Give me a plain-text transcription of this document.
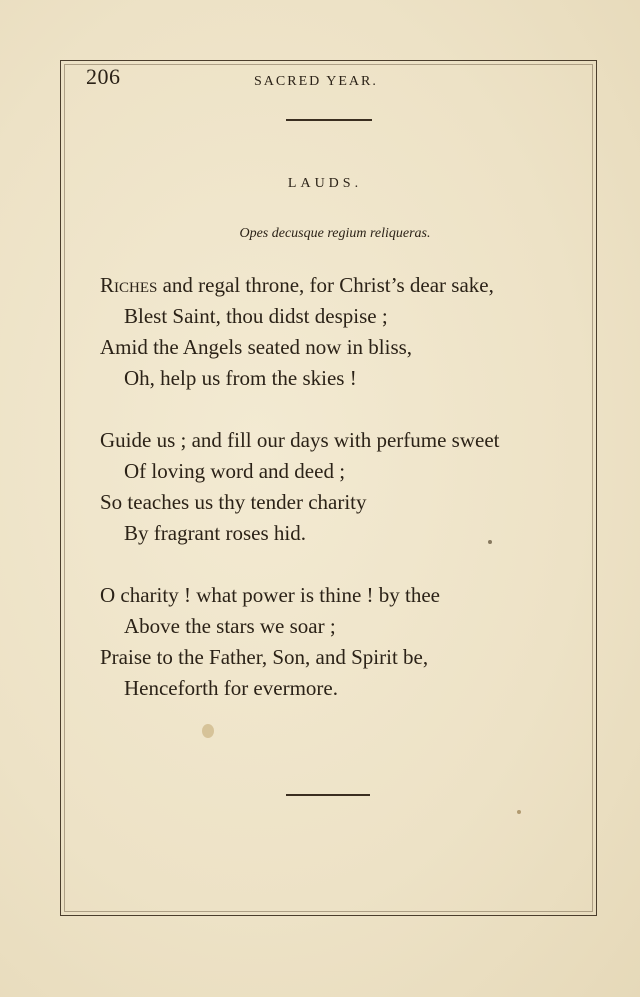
206	SACRED YEAR.
LAUDS.
Opes decusque regium reliqueras.
Riches and regal throne, for Christ’s dear sake,
Blest Saint, thou didst despise ;
Amid the Angels seated now in bliss,
Oh, help us from the skies !
Guide us ; and fill our days with perfume sweet
Of loving word and deed ;
So teaches us thy tender charity
By fragrant roses hid.
O charity ! what power is thine ! by thee
Above the stars we soar ;
Praise to the Father, Son, and Spirit be,
Henceforth for evermore.
